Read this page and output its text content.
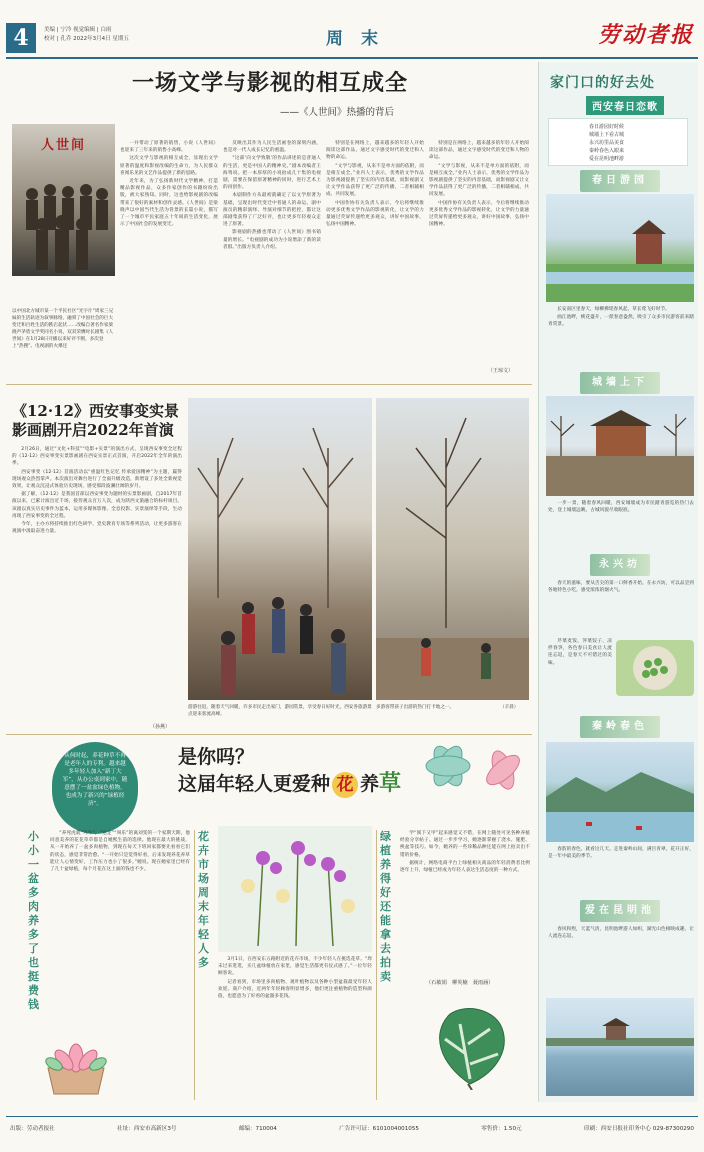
4	美编 | 宁冷 视觉编辑 | 白雨
校对 | 孔乔 2022年3月4日 星期五	周 末	劳动者报
一场文学与影视的相互成全
——《人世间》热播的背后
人世间
以中国北方城市某一个平民社区“光字片”周家三兄妹的生活轨迹为叙事脉络，融刻了中国社会的巨大变迁和百姓生活的跌宕起伏……改编自著名作家梁晓声茅盾文学奖同名小说，双双荣膺时长剧集《人世间》在1月28日开播以来好评不断，多次登上“热搜”。电视剧的火爆还

一并带动了原著的销售，小说《人世间》也迎来了三年来的销售小高峰。

这次文学与影视的相互成全，显现出文学原著的温度和影视改编的生命力，为人民群众喜闻乐见的文艺作品提供了新的思路。

近年来，为了弘扬新时代文学精神、打造精品影视作品，众多作家创作的书籍纷纷出版，被大家熟知。同时，这也给影视剧的改编带来了很好的素材和创作灵感。《人世间》是梁晓声以中国当代生活为背景的长篇小说，描写了一个城市平民家庭五十年间的生活变化，展示了中国社会的发展变迁。

反映出其作为人民生活画卷的深刻内涵，也是对一代人成长记忆的重温。

“这部‘向文学致敬’的作品讲述的是普通人的生活，更是中国人的精神史。”剧本改编者王海鸰说。把一本厚厚的小说拍成几十集的电视剧，需要在保留原著精神的同时，进行艺术上的再创作。

本剧制作方从最初就确定了以文学原著为基础，呈现出时代变迁中普通人的命运。剧中演员的精彩演绎、导演对细节的把控，都让这部剧集获得了广泛好评，也让更多年轻观众走进了原著。

影视剧的热播也带动了《人世间》图书销量的增长。“电视剧的成功为小说增添了新的读者群。”出版方负责人介绍。

特别是在网络上，越来越多的年轻人开始阅读这部作品，通过文字感受时代的变迁和人物的命运。

“文学与影视，从来不是单方面的依附，而是相互成全。”业内人士表示，优秀的文学作品为影视剧提供了坚实的内容基础，而影视剧又让文学作品获得了更广泛的传播，二者相辅相成、共同发展。

中国作协有关负责人表示，今后将继续推动更多优秀文学作品的影视转化，让文学的力量通过荧屏传递给更多观众，讲好中国故事，弘扬中国精神。

特别是在网络上，越来越多的年轻人开始阅读这部作品，通过文字感受时代的变迁和人物的命运。

“文学与影视，从来不是单方面的依附，而是相互成全。”业内人士表示，优秀的文学作品为影视剧提供了坚实的内容基础，而影视剧又让文学作品获得了更广泛的传播，二者相辅相成、共同发展。

中国作协有关负责人表示，今后将继续推动更多优秀文学作品的影视转化，让文学的力量通过荧屏传递给更多观众，讲好中国故事，弘扬中国精神。

（王琼文）
《12·12》西安事变实景
影画剧开启2022年首演

2月26日，通过“文化+科技”“电影+实景”的演出方式，呈现西安事变全过程的《12·12》西安事变实景影画剧在西安实景正式首演，开启2022年全年的演出季。

西安事变《12·12》首演活动以“重温红色记忆 传承爱国精神”为主题，赢得现场观众热烈掌声。本次演出对舞台进行了全面升级改造，新增设了多处全新视觉效果，让观众沉浸式体验历史现场，感受那段波澜壮阔的岁月。

据了解，《12·12》是我国首部以西安事变为题材的实景影画剧，自2017年首演以来，已累计演出近千场，接待观众百万人次，成为陕西文旅融合的标杆项目。该剧以真实历史事件为蓝本，运用多媒体影像、全息投影、实景演绎等手段，生动再现了西安事变的全过程。

今年，主办方将持续推出红色研学、党史教育专场等系列活动，让更多游客在观演中汲取奋进力量。

（孙燕）
游游往返，随着天气回暖，许多市民走出家门，游园赏景，享受春日好时光，西安各旅游景点迎来客流高峰。
多游客带孩子出游的热门打卡地之一。	（辛晨）
从何时起，养花种草不再是老年人的专利。越来越多年轻人加入“新丁大军”，从办公桌到家中，随意摆了一盆盆绿色植物，也成为了新兴的“绿植经济”。
是你吗？
这届年轻人更爱种 花 养草
小小一盆多肉养多了也挺费钱

“养死虎就”鸟牛”，“送走”“叫乐”的离刘雯的一个家期天期，他同意美养的花花草草都是自她熙生前的选择。他现在最大的挑战，从一开始养了一盆多肉植物，到现在每天下班回家都要先看看它们的状态，感觉非常治愈。“一开始只是觉得好看，后来发现养花养草能让人心情变好，工作压力也小了很多。”她说。现在她家里已经有了几十盆绿植，每个月花在这上面的钱也不少。

花卉市场周末年轻人多	3月1日，在西安东五路附近的花卉市场，不少年轻人在挑选花草。“周末过来逛逛，买几盆绿植放在家里，感觉生活都更有仪式感了。”一位年轻顾客说。

记者看到，市场里多肉植物、观叶植物以及各种小型盆栽最受年轻人欢迎。商户介绍，近两年年轻顾客明显增多，他们更注重植物的造型和颜值，也愿意为了好看的盆器多花钱。

绿植养得好还能拿去拍卖

学“阅下又甲”起来感觉又不错，在网上随处可见各种养植经验分享帖子。通过一步步学习，她逐渐掌握了浇水、施肥、换盆等技巧。如今，她养的一些珍稀品种还能在网上拍卖出不错的价格。

据统计，网络电商平台上绿植相关商品的年轻消费者比例逐年上升，绿植已经成为年轻人表达生活态度的一种方式。

（石敏娟　柳英楠　聂雨涵）
家门口的好去处
西安春日恋歌
春日游园好时候
城墙上下看古城
永兴坊里品美食
秦岭春色入眼来
爱在昆明池畔游
春日游园

长安南区里春天，绿柳拂堤春风起，草长莺飞好时节。

曲江池畔，桃花盛开，一派春意盎然，吸引了众多市民游客前来踏青赏景。

城墙上下

一步一景，随着春风回暖，西安城墙成为市民踏青游览的热门去处，登上城墙远眺，古城风貌尽收眼底。

永兴坊

春天的滋味，要从舌尖的第一口鲜香开始。在永兴坊，可以品尝到各地特色小吃，感受浓浓的烟火气。

芹菜麦饭、荠菜饺子、凉拌春笋，各色春日美食让人流连忘返，是春天不可错过的美味。

秦岭春色

春韵的春色，就看这几天。走进秦岭山间，满目青翠，花开正好，是一年中最美的季节。

爱在昆明池

春风和煦，天蓝气清，昆明池畔游人如织，湖光山色相映成趣，让人流连忘返。

出版：劳动者报社	社址：西安市高新区3号	邮编：710004	广告许可证：6101004001055	零售价：1.50元	印刷：西安日报社印务中心 029-87300290
